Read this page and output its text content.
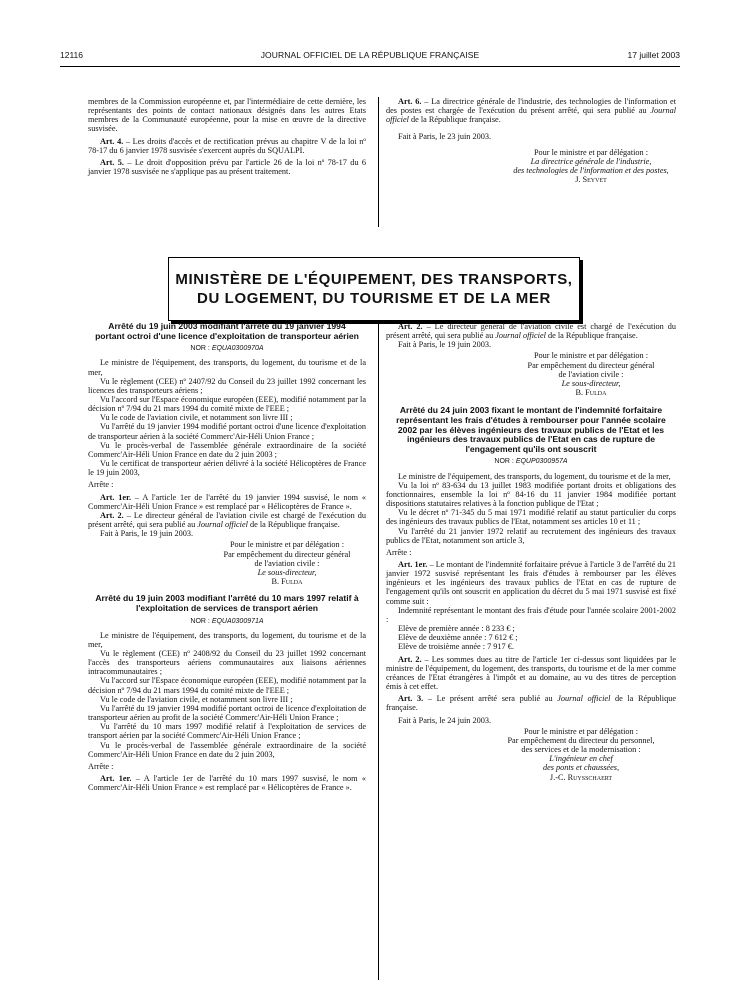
12116	JOURNAL OFFICIEL DE LA RÉPUBLIQUE FRANÇAISE	17 juillet 2003

membres de la Commission européenne et, par l'intermédiaire de cette dernière, les représentants des points de contact nationaux désignés dans les autres Etats membres de la Communauté européenne, pour la mise en œuvre de la directive susvisée.

Art. 4. – Les droits d'accès et de rectification prévus au chapitre V de la loi nº 78-17 du 6 janvier 1978 susvisée s'exercent auprès du SQUALPI.

Art. 5. – Le droit d'opposition prévu par l'article 26 de la loi nº 78-17 du 6 janvier 1978 susvisée ne s'applique pas au présent traitement.

Art. 6. – La directrice générale de l'industrie, des technologies de l'information et des postes est chargée de l'exécution du présent arrêté, qui sera publié au Journal officiel de la République française.

Fait à Paris, le 23 juin 2003.

Pour le ministre et par délégation :
La directrice générale de l'industrie,
des technologies de l'information et des postes,
J. Seyvet
MINISTÈRE DE L'ÉQUIPEMENT, DES TRANSPORTS,
DU LOGEMENT, DU TOURISME ET DE LA MER
Arrêté du 19 juin 2003 modifiant l'arrêté du 19 janvier 1994 portant octroi d'une licence d'exploitation de transporteur aérien
NOR : EQUA0300970A

Le ministre de l'équipement, des transports, du logement, du tourisme et de la mer,

Vu le règlement (CEE) nº 2407/92 du Conseil du 23 juillet 1992 concernant les licences des transporteurs aériens ;

Vu l'accord sur l'Espace économique européen (EEE), modifié notamment par la décision nº 7/94 du 21 mars 1994 du comité mixte de l'EEE ;

Vu le code de l'aviation civile, et notamment son livre III ;

Vu l'arrêté du 19 janvier 1994 modifié portant octroi d'une licence d'exploitation de transporteur aérien à la société Commerc'Air-Héli Union France ;

Vu le procès-verbal de l'assemblée générale extraordinaire de la société Commerc'Air-Héli Union France en date du 2 juin 2003 ;

Vu le certificat de transporteur aérien délivré à la société Hélicoptères de France le 19 juin 2003,

Arrête :

Art. 1er. – A l'article 1er de l'arrêté du 19 janvier 1994 susvisé, le nom « Commerc'Air-Héli Union France » est remplacé par « Hélicoptères de France ».

Art. 2. – Le directeur général de l'aviation civile est chargé de l'exécution du présent arrêté, qui sera publié au Journal officiel de la République française.

Fait à Paris, le 19 juin 2003.

Pour le ministre et par délégation :
Par empêchement du directeur général
de l'aviation civile :
Le sous-directeur,
B. Fulda
Arrêté du 19 juin 2003 modifiant l'arrêté du 10 mars 1997 relatif à l'exploitation de services de transport aérien
NOR : EQUA0300971A

Le ministre de l'équipement, des transports, du logement, du tourisme et de la mer,

Vu le règlement (CEE) nº 2408/92 du Conseil du 23 juillet 1992 concernant l'accès des transporteurs aériens communautaires aux liaisons aériennes intracommunautaires ;

Vu l'accord sur l'Espace économique européen (EEE), modifié notamment par la décision nº 7/94 du 21 mars 1994 du comité mixte de l'EEE ;

Vu le code de l'aviation civile, et notamment son livre III ;

Vu l'arrêté du 19 janvier 1994 modifié portant octroi de licence d'exploitation de transporteur aérien au profit de la société Commerc'Air-Héli Union France ;

Vu l'arrêté du 10 mars 1997 modifié relatif à l'exploitation de services de transport aérien par la société Commerc'Air-Héli Union France ;

Vu le procès-verbal de l'assemblée générale extraordinaire de la société Commerc'Air-Héli Union France en date du 2 juin 2003,

Arrête :

Art. 1er. – A l'article 1er de l'arrêté du 10 mars 1997 susvisé, le nom « Commerc'Air-Héli Union France » est remplacé par « Hélicoptères de France ».

Art. 2. – Le directeur général de l'aviation civile est chargé de l'exécution du présent arrêté, qui sera publié au Journal officiel de la République française.

Fait à Paris, le 19 juin 2003.

Pour le ministre et par délégation :
Par empêchement du directeur général
de l'aviation civile :
Le sous-directeur,
B. Fulda
Arrêté du 24 juin 2003 fixant le montant de l'indemnité forfaitaire représentant les frais d'études à rembourser pour l'année scolaire 2002 par les élèves ingénieurs des travaux publics de l'Etat et les ingénieurs des travaux publics de l'Etat en cas de rupture de l'engagement qu'ils ont souscrit
NOR : EQUP0300957A

Le ministre de l'équipement, des transports, du logement, du tourisme et de la mer,

Vu la loi nº 83-634 du 13 juillet 1983 modifiée portant droits et obligations des fonctionnaires, ensemble la loi nº 84-16 du 11 janvier 1984 modifiée portant dispositions statutaires relatives à la fonction publique de l'Etat ;

Vu le décret nº 71-345 du 5 mai 1971 modifié relatif au statut particulier du corps des ingénieurs des travaux publics de l'Etat, notamment ses articles 10 et 11 ;

Vu l'arrêté du 21 janvier 1972 relatif au recrutement des ingénieurs des travaux publics de l'Etat, notamment son article 3,

Arrête :

Art. 1er. – Le montant de l'indemnité forfaitaire prévue à l'article 3 de l'arrêté du 21 janvier 1972 susvisé représentant les frais d'études à rembourser par les élèves ingénieurs et les ingénieurs des travaux publics de l'Etat en cas de rupture de l'engagement qu'ils ont souscrit en application du décret du 5 mai 1971 susvisé est fixé comme suit :

Indemnité représentant le montant des frais d'étude pour l'année scolaire 2001-2002 :

Elève de première année : 8 233 € ;

Elève de deuxième année : 7 612 € ;

Elève de troisième année : 7 917 €.

Art. 2. – Les sommes dues au titre de l'article 1er ci-dessus sont liquidées par le ministre de l'équipement, du logement, des transports, du tourisme et de la mer comme créances de l'Etat étrangères à l'impôt et au domaine, au vu des titres de perception émis à cet effet.

Art. 3. – Le présent arrêté sera publié au Journal officiel de la République française.

Fait à Paris, le 24 juin 2003.

Pour le ministre et par délégation :
Par empêchement du directeur du personnel,
des services et de la modernisation :
L'ingénieur en chef
des ponts et chaussées,
J.-C. Ruysschaert
